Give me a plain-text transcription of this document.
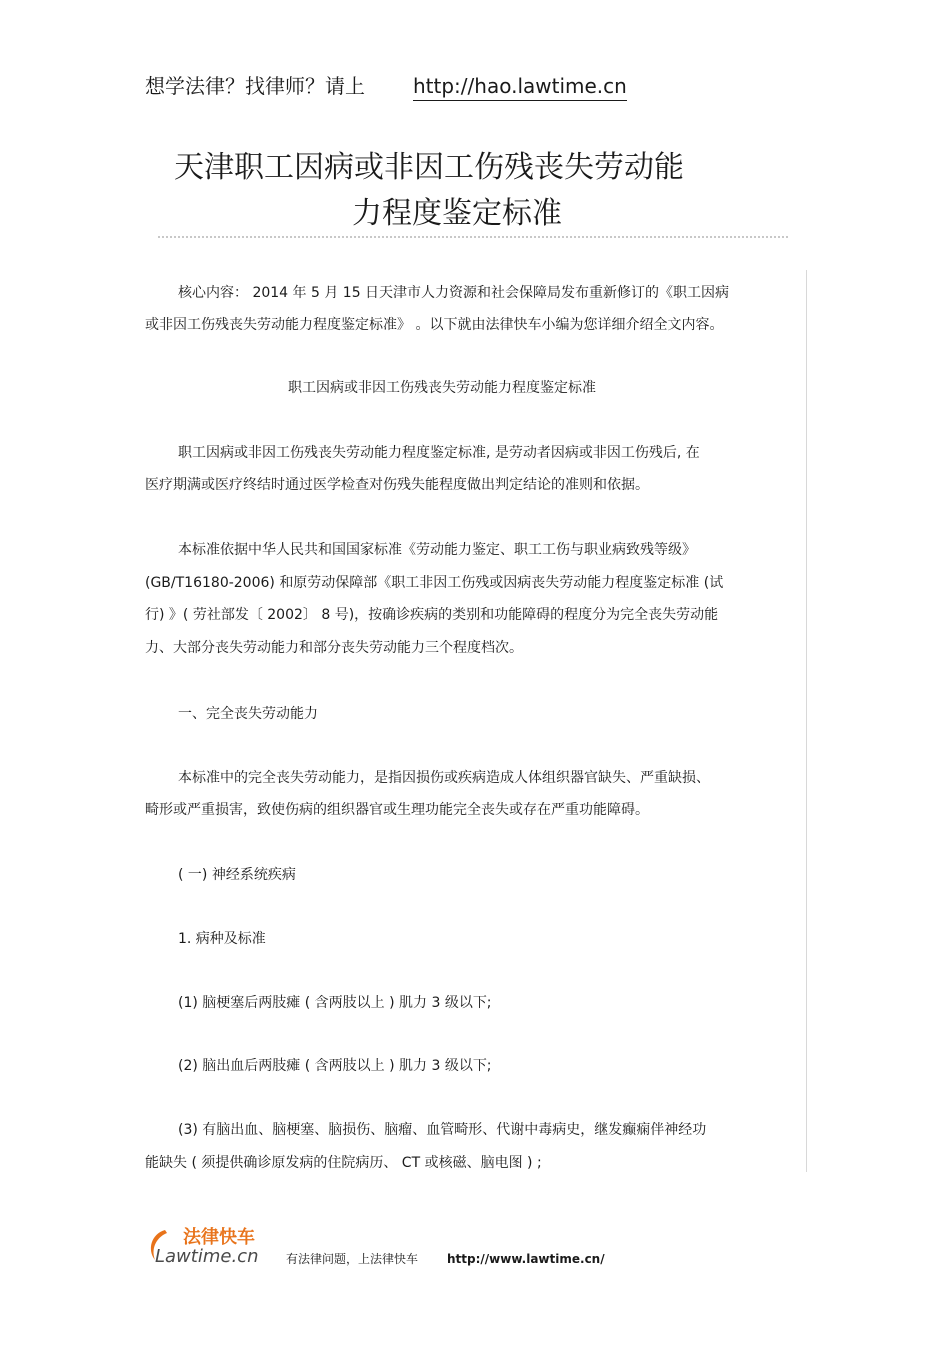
想学法律？找律师？请上 http://hao.lawtime.cn
天津职工因病或非因工伤残丧失劳动能
力程度鉴定标准
核心内容： 2014 年 5 月 15 日天津市人力资源和社会保障局发布重新修订的《职工因病
或非因工伤残丧失劳动能力程度鉴定标准》 。以下就由法律快车小编为您详细介绍全文内容。
职工因病或非因工伤残丧失劳动能力程度鉴定标准
职工因病或非因工伤残丧失劳动能力程度鉴定标准, 是劳动者因病或非因工伤残后, 在
医疗期满或医疗终结时通过医学检查对伤残失能程度做出判定结论的准则和依据。
本标准依据中华人民共和国国家标准《劳动能力鉴定、职工工伤与职业病致残等级》
(GB/T16180-2006) 和原劳动保障部《职工非因工伤残或因病丧失劳动能力程度鉴定标准 (试
行) 》( 劳社部发〔 2002〕 8 号)，按确诊疾病的类别和功能障碍的程度分为完全丧失劳动能
力、大部分丧失劳动能力和部分丧失劳动能力三个程度档次。
一、完全丧失劳动能力
本标准中的完全丧失劳动能力，是指因损伤或疾病造成人体组织器官缺失、严重缺损、
畸形或严重损害，致使伤病的组织器官或生理功能完全丧失或存在严重功能障碍。
( 一) 神经系统疾病
1. 病种及标准
(1) 脑梗塞后两肢瘫 ( 含两肢以上 ) 肌力 3 级以下;
(2) 脑出血后两肢瘫 ( 含两肢以上 ) 肌力 3 级以下;
(3) 有脑出血、脑梗塞、脑损伤、脑瘤、血管畸形、代谢中毒病史，继发癫痫伴神经功
能缺失 ( 须提供确诊原发病的住院病历、 CT 或核磁、脑电图 ) ;
法律快车
Lawtime.cn 有法律问题，上法律快车 http://www.lawtime.cn/
